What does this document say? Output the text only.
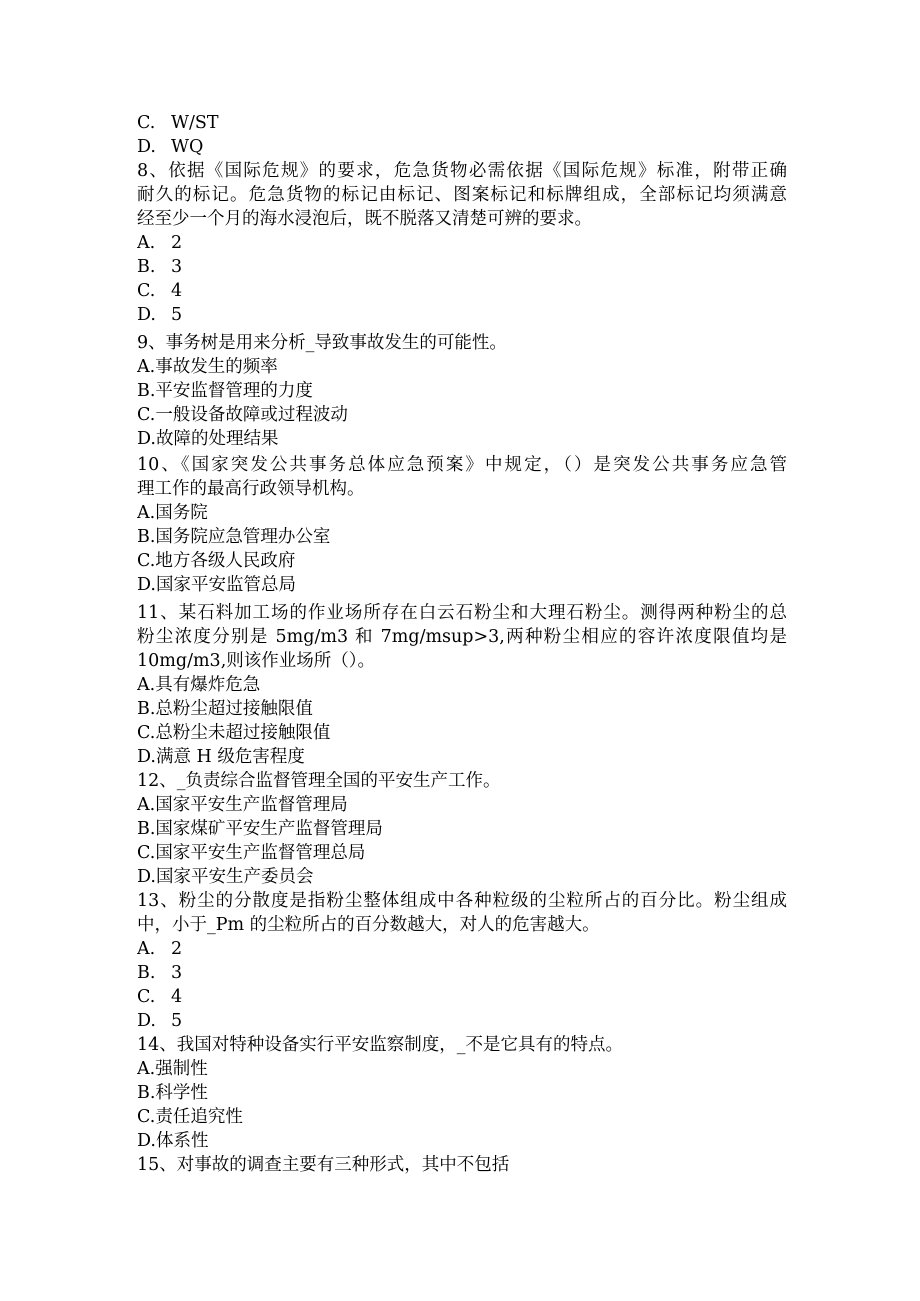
C. W/ST
D. WQ
8、依据《国际危规》的要求，危急货物必需依据《国际危规》标准，附带正确
耐久的标记。危急货物的标记由标记、图案标记和标牌组成，全部标记均须满意
经至少一个月的海水浸泡后，既不脱落又清楚可辨的要求。
A. 2
B. 3
C. 4
D. 5
9、事务树是用来分析_导致事故发生的可能性。
A.事故发生的频率
B.平安监督管理的力度
C.一般设备故障或过程波动
D.故障的处理结果
10、《国家突发公共事务总体应急预案》中规定，（）是突发公共事务应急管
理工作的最高行政领导机构。
A.国务院
B.国务院应急管理办公室
C.地方各级人民政府
D.国家平安监管总局
11、某石料加工场的作业场所存在白云石粉尘和大理石粉尘。测得两种粉尘的总
粉尘浓度分别是 5mg/m3 和 7mg/msup>3,两种粉尘相应的容许浓度限值均是
10mg/m3,则该作业场所（）。
A.具有爆炸危急
B.总粉尘超过接触限值
C.总粉尘未超过接触限值
D.满意 H 级危害程度
12、_负责综合监督管理全国的平安生产工作。
A.国家平安生产监督管理局
B.国家煤矿平安生产监督管理局
C.国家平安生产监督管理总局
D.国家平安生产委员会
13、粉尘的分散度是指粉尘整体组成中各种粒级的尘粒所占的百分比。粉尘组成
中，小于_Pm 的尘粒所占的百分数越大，对人的危害越大。
A. 2
B. 3
C. 4
D. 5
14、我国对特种设备实行平安监察制度，_不是它具有的特点。
A.强制性
B.科学性
C.责任追究性
D.体系性
15、对事故的调查主要有三种形式，其中不包括
